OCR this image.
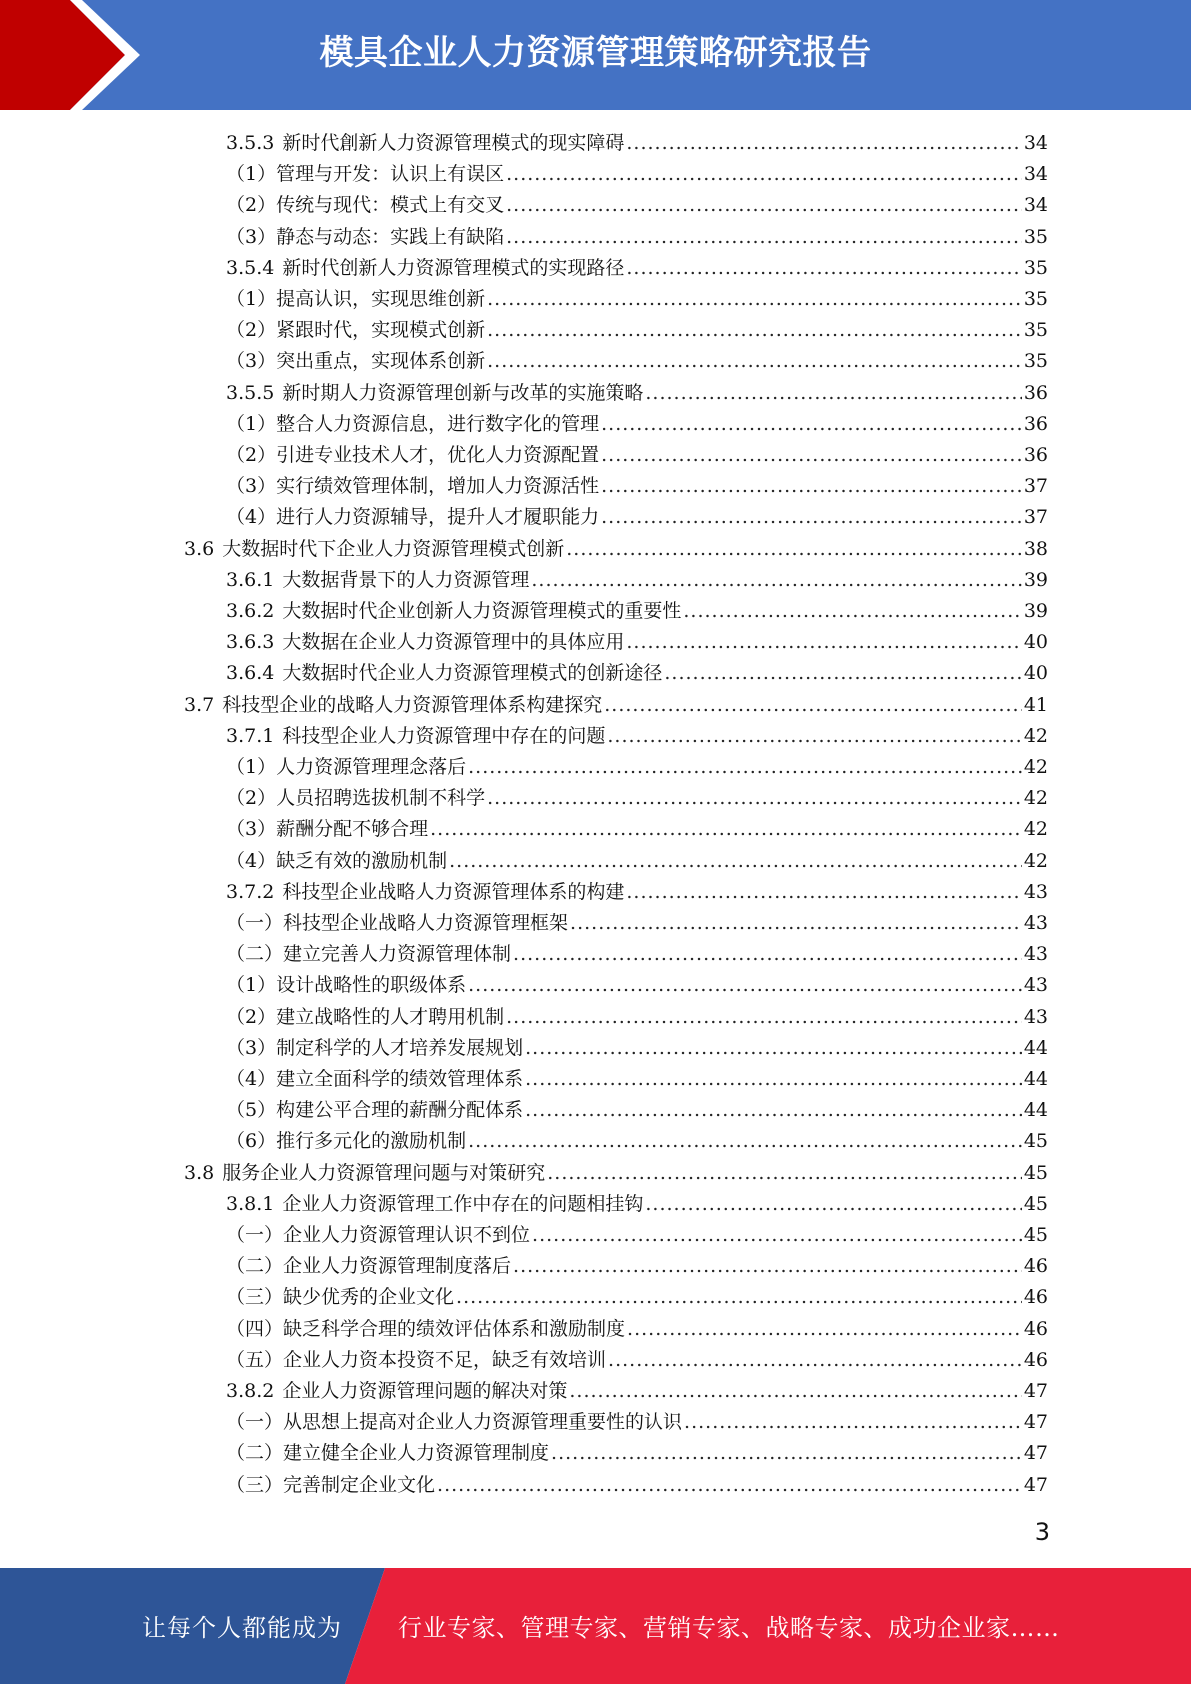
模具企业人力资源管理策略研究报告
3.5.3 新时代創新人力资源管理模式的现实障碍 .....	34
（1） 管理与开发：认识上有误区 .....	34
（2） 传统与现代：模式上有交叉 .....	34
（3） 静态与动态：实践上有缺陷 .....	35
3.5.4 新时代创新人力资源管理模式的实现路径 .....	35
（1） 提高认识，实现思维创新 .....	35
（2） 紧跟时代，实现模式创新 .....	35
（3） 突出重点，实现体系创新 .....	35
3.5.5 新时期人力资源管理创新与改革的实施策略 .....	36
（1） 整合人力资源信息，进行数字化的管理 .....	36
（2） 引进专业技术人才，优化人力资源配置 .....	36
（3） 实行绩效管理体制，增加人力资源活性 .....	37
（4） 进行人力资源辅导，提升人才履职能力 .....	37
3.6 大数据时代下企业人力资源管理模式创新 .....	38
3.6.1 大数据背景下的人力资源管理 .....	39
3.6.2 大数据时代企业创新人力资源管理模式的重要性 .....	39
3.6.3 大数据在企业人力资源管理中的具体应用 .....	40
3.6.4 大数据时代企业人力资源管理模式的创新途径 .....	40
3.7 科技型企业的战略人力资源管理体系构建探究 .....	41
3.7.1 科技型企业人力资源管理中存在的问题 .....	42
（1） 人力资源管理理念落后 .....	42
（2） 人员招聘选拔机制不科学 .....	42
（3） 薪酬分配不够合理 .....	42
（4） 缺乏有效的激励机制 .....	42
3.7.2 科技型企业战略人力资源管理体系的构建 .....	43
（一） 科技型企业战略人力资源管理框架 .....	43
（二） 建立完善人力资源管理体制 .....	43
（1） 设计战略性的职级体系 .....	43
（2） 建立战略性的人才聘用机制 .....	43
（3） 制定科学的人才培养发展规划 .....	44
（4） 建立全面科学的绩效管理体系 .....	44
（5） 构建公平合理的薪酬分配体系 .....	44
（6） 推行多元化的激励机制 .....	45
3.8 服务企业人力资源管理问题与对策研究 .....	45
3.8.1 企业人力资源管理工作中存在的问题相挂钩 .....	45
（一） 企业人力资源管理认识不到位 .....	45
（二） 企业人力资源管理制度落后 .....	46
（三） 缺少优秀的企业文化 .....	46
（四） 缺乏科学合理的绩效评估体系和激励制度 .....	46
（五） 企业人力资本投资不足，缺乏有效培训 .....	46
3.8.2 企业人力资源管理问题的解决对策 .....	47
（一） 从思想上提高对企业人力资源管理重要性的认识 .....	47
（二） 建立健全企业人力资源管理制度 .....	47
（三） 完善制定企业文化 .....	47
3
让每个人都能成为 行业专家、管理专家、营销专家、战略专家、成功企业家……
